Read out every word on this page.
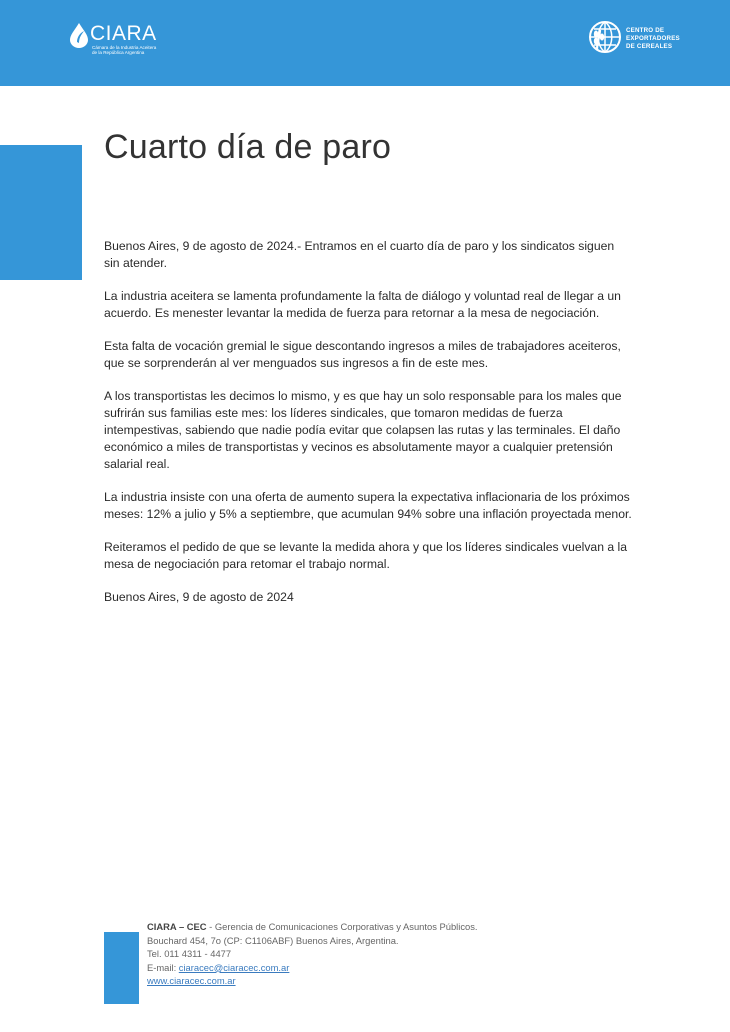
CIARA
Cámara de la Industria Aceitera
de la República Argentina
CENTRO DE
EXPORTADORES
DE CEREALES
Cuarto día de paro

Buenos Aires, 9 de agosto de 2024.- Entramos en el cuarto día de paro y los sindicatos siguen sin atender.

La industria aceitera se lamenta profundamente la falta de diálogo y voluntad real de llegar a un acuerdo. Es menester levantar la medida de fuerza para retornar a la mesa de negociación.

Esta falta de vocación gremial le sigue descontando ingresos a miles de trabajadores aceiteros, que se sorprenderán al ver menguados sus ingresos a fin de este mes.

A los transportistas les decimos lo mismo, y es que hay un solo responsable para los males que sufrirán sus familias este mes: los líderes sindicales, que tomaron medidas de fuerza intempestivas, sabiendo que nadie podía evitar que colapsen las rutas y las terminales. El daño económico a miles de transportistas y vecinos es absolutamente mayor a cualquier pretensión salarial real.

La industria insiste con una oferta de aumento supera la expectativa inflacionaria de los próximos meses: 12% a julio y 5% a septiembre, que acumulan 94% sobre una inflación proyectada menor.

Reiteramos el pedido de que se levante la medida ahora y que los líderes sindicales vuelvan a la mesa de negociación para retomar el trabajo normal.

Buenos Aires, 9 de agosto de 2024

CIARA – CEC - Gerencia de Comunicaciones Corporativas y Asuntos Públicos.
Bouchard 454, 7o (CP: C1106ABF) Buenos Aires, Argentina.
Tel. 011 4311 - 4477
E-mail: ciaracec@ciaracec.com.ar
www.ciaracec.com.ar
